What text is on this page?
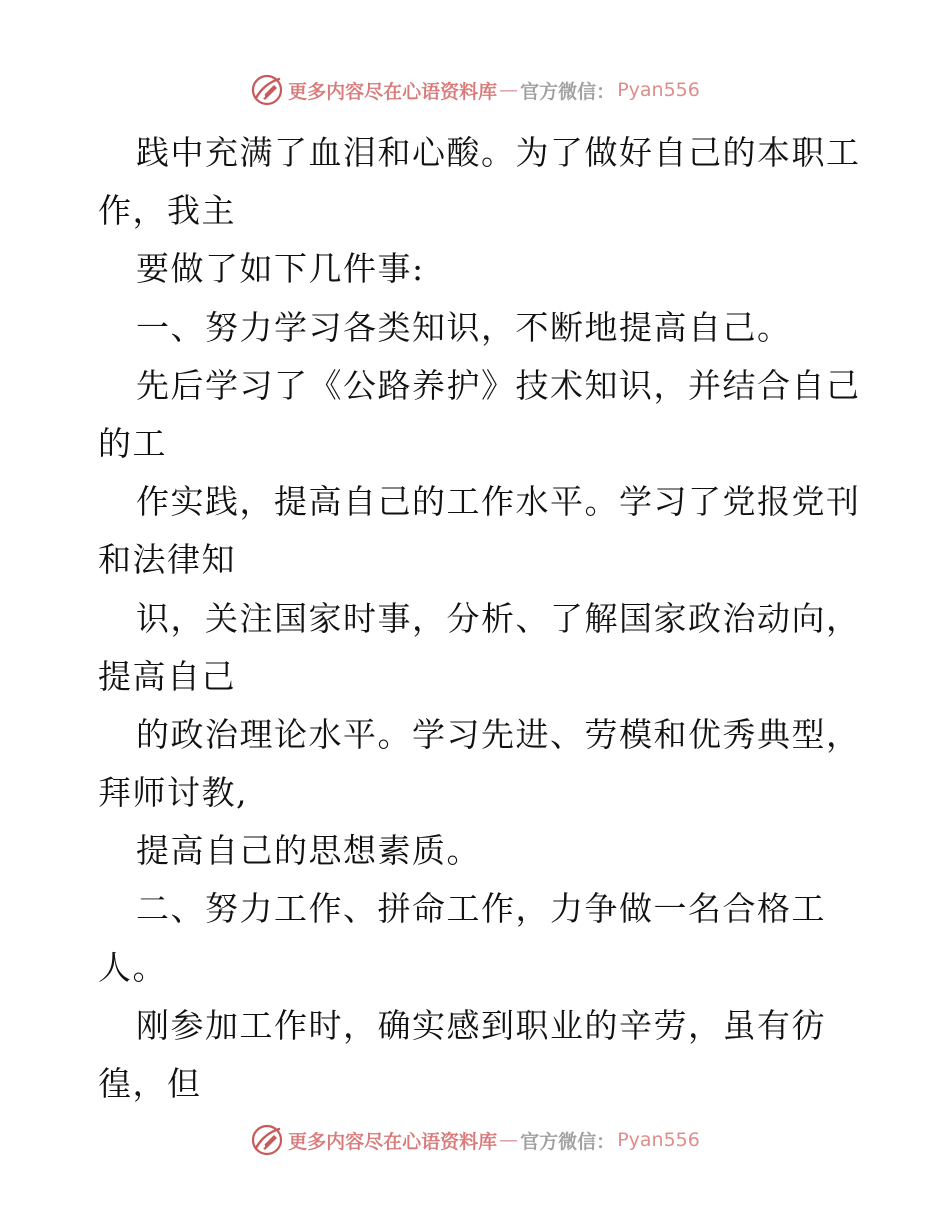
更多内容尽在心语资料库 — 官方微信： Pyan556
践中充满了血泪和心酸。为了做好自己的本职工
作，我主
要做了如下几件事:
一、努力学习各类知识，不断地提高自己。
先后学习了《公路养护》技术知识，并结合自己
的工
作实践，提高自己的工作水平。学习了党报党刊
和法律知
识，关注国家时事，分析、了解国家政治动向，
提高自己
的政治理论水平。学习先进、劳模和优秀典型，
拜师讨教,
提高自己的思想素质。
二、努力工作、拼命工作，力争做一名合格工
人。
刚参加工作时，确实感到职业的辛劳，虽有彷
徨，但
更多内容尽在心语资料库 — 官方微信： Pyan556
